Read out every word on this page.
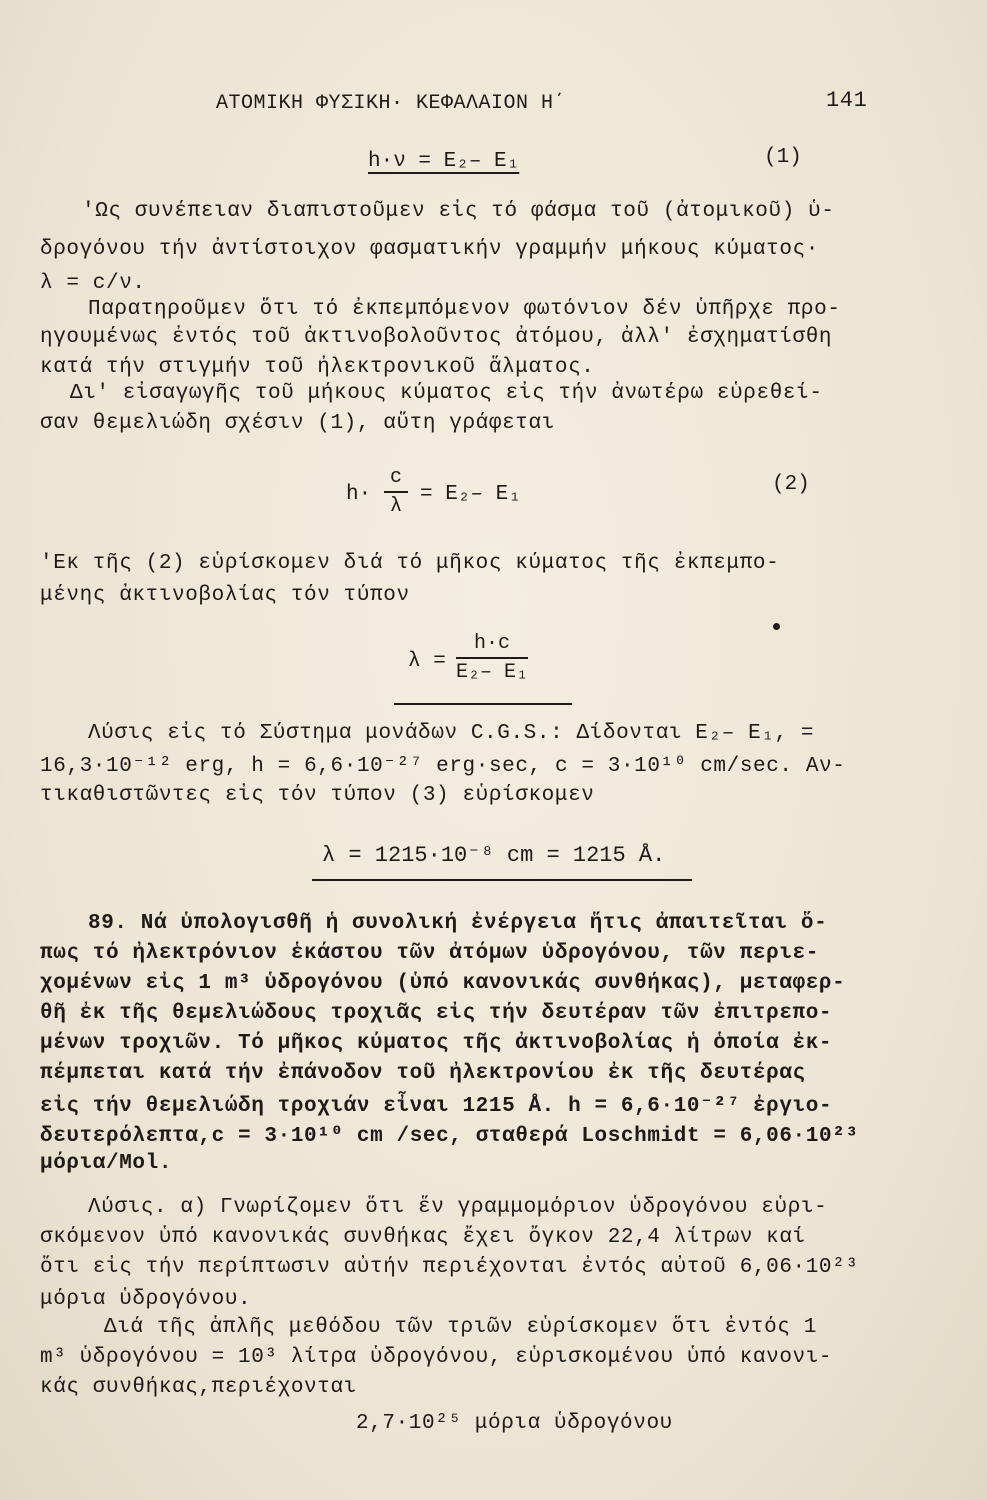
ΑΤΟΜΙΚΗ ΦΥΣΙΚΗ· ΚΕΦΑΛΑΙΟΝ Η΄	141
h·ν = E₂– E₁	(1)
'Ως συνέπειαν διαπιστοῦμεν εἰς τό φάσμα τοῦ (ἀτομικοῦ) ὑ-
δρογόνου τήν ἀντίστοιχον φασματικήν γραμμήν μήκους κύματος·
λ = c/ν.
Παρατηροῦμεν ὅτι τό ἐκπεμπόμενον φωτόνιον δέν ὑπῆρχε προ-
ηγουμένως ἐντός τοῦ ἀκτινοβολοῦντος ἀτόμου, ἀλλ' ἐσχηματίσθη
κατά τήν στιγμήν τοῦ ἠλεκτρονικοῦ ἅλματος.
Δι' εἰσαγωγῆς τοῦ μήκους κύματος εἰς τήν ἀνωτέρω εὑρεθεί-
σαν θεμελιώδη σχέσιν (1), αὕτη γράφεται
h·
c
λ
= E₂– E₁	(2)
'Εκ τῆς (2) εὑρίσκομεν διά τό μῆκος κύματος τῆς ἐκπεμπο-
μένης ἀκτινοβολίας τόν τύπον
λ =
h·c
E₂– E₁
Λύσις εἰς τό Σύστημα μονάδων C.G.S.: Δίδονται E₂– E₁, =
16,3·10⁻¹² erg, h = 6,6·10⁻²⁷ erg·sec, c = 3·10¹⁰ cm/sec. Αν-
τικαθιστῶντες εἰς τόν τύπον (3) εὑρίσκομεν
λ = 1215·10⁻⁸ cm = 1215 Å.
89. Νά ὑπολογισθῆ ἡ συνολική ἐνέργεια ἥτις ἀπαιτεῖται ὅ-
πως τό ἠλεκτρόνιον ἑκάστου τῶν ἀτόμων ὑδρογόνου, τῶν περιε-
χομένων εἰς 1 m³ ὑδρογόνου (ὑπό κανονικάς συνθήκας), μεταφερ-
θῆ ἐκ τῆς θεμελιώδους τροχιᾶς εἰς τήν δευτέραν τῶν ἐπιτρεπο-
μένων τροχιῶν. Τό μῆκος κύματος τῆς ἀκτινοβολίας ἡ ὁποία ἐκ-
πέμπεται κατά τήν ἐπάνοδον τοῦ ἠλεκτρονίου ἐκ τῆς δευτέρας
εἰς τήν θεμελιώδη τροχιάν εἶναι 1215 Å. h = 6,6·10⁻²⁷ ἐργιο-
δευτερόλεπτα,c = 3·10¹⁰ cm /sec, σταθερά Loschmidt = 6,06·10²³
μόρια/Mol.
Λύσις. α) Γνωρίζομεν ὅτι ἕν γραμμομόριον ὑδρογόνου εὑρι-
σκόμενον ὑπό κανονικάς συνθήκας ἔχει ὄγκον 22,4 λίτρων καί
ὅτι εἰς τήν περίπτωσιν αὐτήν περιέχονται ἐντός αὐτοῦ 6,06·10²³
μόρια ὑδρογόνου.
Διά τῆς ἁπλῆς μεθόδου τῶν τριῶν εὑρίσκομεν ὅτι ἐντός 1
m³ ὑδρογόνου = 10³ λίτρα ὑδρογόνου, εὑρισκομένου ὑπό κανονι-
κάς συνθήκας,περιέχονται
2,7·10²⁵ μόρια ὑδρογόνου
